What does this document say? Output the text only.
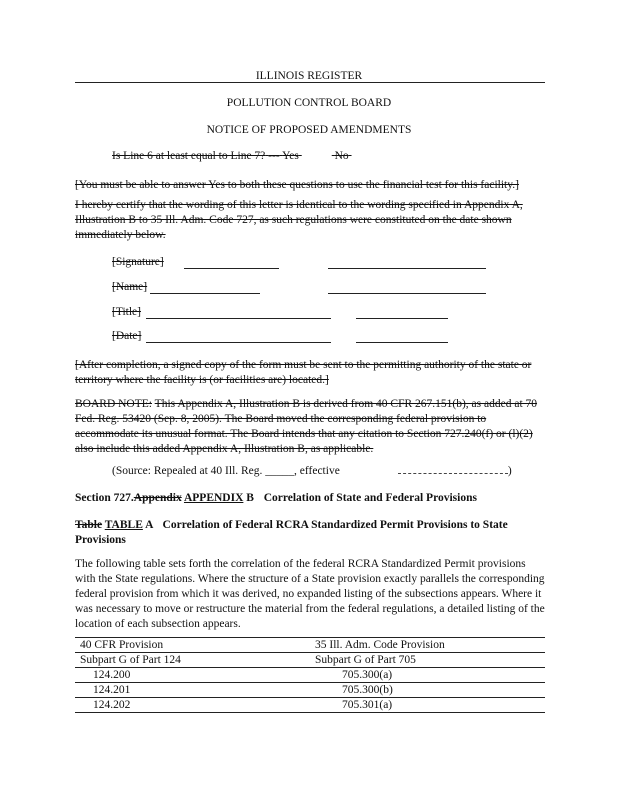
ILLINOIS REGISTER
POLLUTION CONTROL BOARD
NOTICE OF PROPOSED AMENDMENTS
Is Line 6 at least equal to Line 7? --- Yes	No
[You must be able to answer Yes to both these questions to use the financial test for this facility.]
I hereby certify that the wording of this letter is identical to the wording specified in Appendix A, Illustration B to 35 Ill. Adm. Code 727, as such regulations were constituted on the date shown immediately below.
[Signature]
[Name]
[Title]
[Date]
[After completion, a signed copy of the form must be sent to the permitting authority of the state or territory where the facility is (or facilities are) located.]
BOARD NOTE: This Appendix A, Illustration B is derived from 40 CFR 267.151(b), as added at 70 Fed. Reg. 53420 (Sep. 8, 2005). The Board moved the corresponding federal provision to accommodate its unusual format. The Board intends that any citation to Section 727.240(f) or (l)(2) also include this added Appendix A, Illustration B, as applicable.
(Source: Repealed at 40 Ill. Reg. _____, effective	)
Section 727.Appendix APPENDIX B Correlation of State and Federal Provisions
Table TABLE A Correlation of Federal RCRA Standardized Permit Provisions to State Provisions
The following table sets forth the correlation of the federal RCRA Standardized Permit provisions with the State regulations. Where the structure of a State provision exactly parallels the corresponding federal provision from which it was derived, no expanded listing of the subsections appears. Where it was necessary to move or restructure the material from the federal regulations, a detailed listing of the location of each subsection appears.
40 CFR Provision	35 Ill. Adm. Code Provision
Subpart G of Part 124	Subpart G of Part 705
124.200	705.300(a)
124.201	705.300(b)
124.202	705.301(a)
